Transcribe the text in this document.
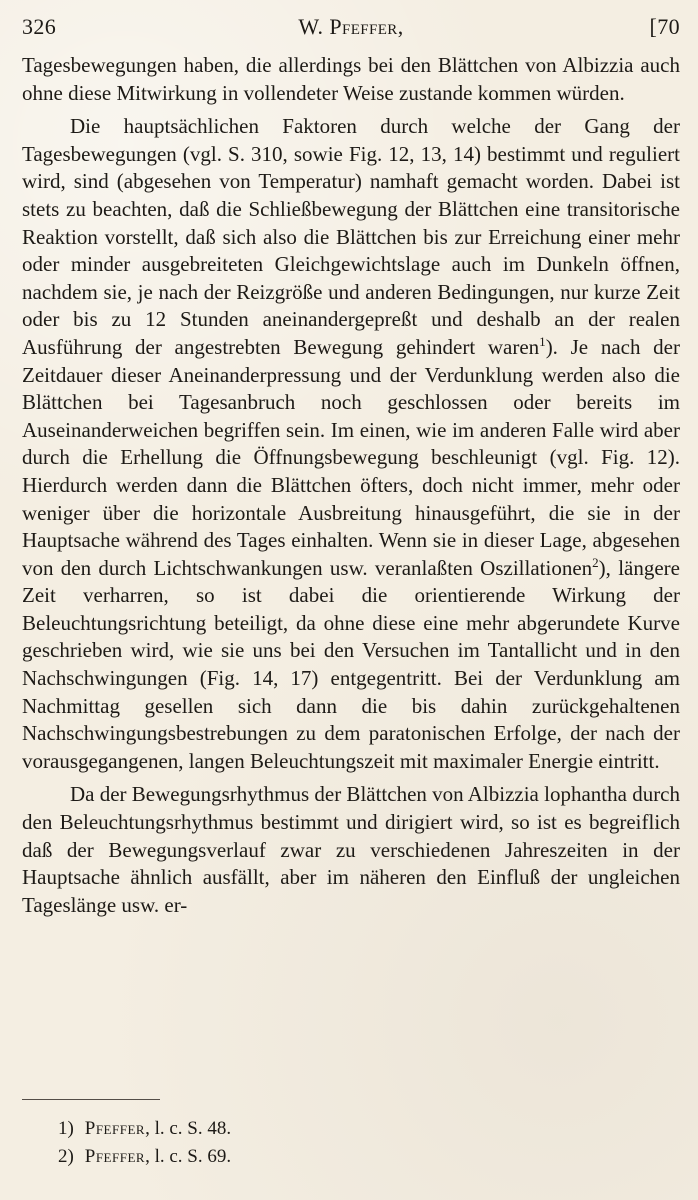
326	W. Pfeffer,	[70

Tagesbewegungen haben, die allerdings bei den Blättchen von Albizzia auch ohne diese Mitwirkung in vollendeter Weise zustande kommen würden.

Die hauptsächlichen Faktoren durch welche der Gang der Tagesbewegungen (vgl. S. 310, sowie Fig. 12, 13, 14) bestimmt und reguliert wird, sind (abgesehen von Temperatur) namhaft gemacht worden. Dabei ist stets zu beachten, daß die Schließbewegung der Blättchen eine transitorische Reaktion vorstellt, daß sich also die Blättchen bis zur Erreichung einer mehr oder minder ausgebreiteten Gleichgewichtslage auch im Dunkeln öffnen, nachdem sie, je nach der Reizgröße und anderen Bedingungen, nur kurze Zeit oder bis zu 12 Stunden aneinandergepreßt und deshalb an der realen Ausführung der angestrebten Bewegung gehindert waren$^1$). Je nach der Zeitdauer dieser Aneinanderpressung und der Verdunklung werden also die Blättchen bei Tagesanbruch noch geschlossen oder bereits im Auseinanderweichen begriffen sein. Im einen, wie im anderen Falle wird aber durch die Erhellung die Öffnungsbewegung beschleunigt (vgl. Fig. 12). Hierdurch werden dann die Blättchen öfters, doch nicht immer, mehr oder weniger über die horizontale Ausbreitung hinausgeführt, die sie in der Hauptsache während des Tages einhalten. Wenn sie in dieser Lage, abgesehen von den durch Lichtschwankungen usw. veranlaßten Oszillationen$^2$), längere Zeit verharren, so ist dabei die orientierende Wirkung der Beleuchtungsrichtung beteiligt, da ohne diese eine mehr abgerundete Kurve geschrieben wird, wie sie uns bei den Versuchen im Tantallicht und in den Nachschwingungen (Fig. 14, 17) entgegentritt. Bei der Verdunklung am Nachmittag gesellen sich dann die bis dahin zurückgehaltenen Nachschwingungsbestrebungen zu dem paratonischen Erfolge, der nach der vorausgegangenen, langen Beleuchtungszeit mit maximaler Energie eintritt.

Da der Bewegungsrhythmus der Blättchen von Albizzia lophantha durch den Beleuchtungsrhythmus bestimmt und dirigiert wird, so ist es begreiflich daß der Bewegungsverlauf zwar zu verschiedenen Jahreszeiten in der Hauptsache ähnlich ausfällt, aber im näheren den Einfluß der ungleichen Tageslänge usw. er-

1) Pfeffer, l. c. S. 48.
2) Pfeffer, l. c. S. 69.
